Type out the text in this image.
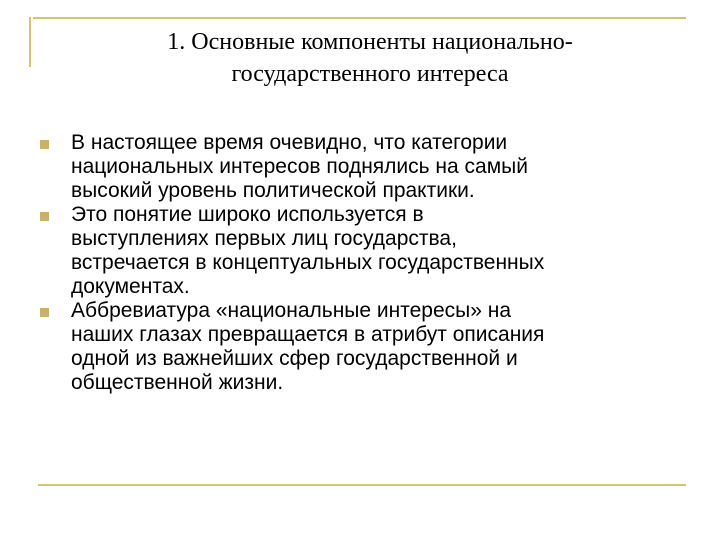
1. Основные компоненты национально-
государственного интереса
В настоящее время очевидно, что категории
национальных интересов поднялись на самый
высокий уровень политической практики.
Это понятие широко используется в
выступлениях первых лиц государства,
встречается в концептуальных государственных
документах.
Аббревиатура «национальные интересы» на
наших глазах превращается в атрибут описания
одной из важнейших сфер государственной и
общественной жизни.
